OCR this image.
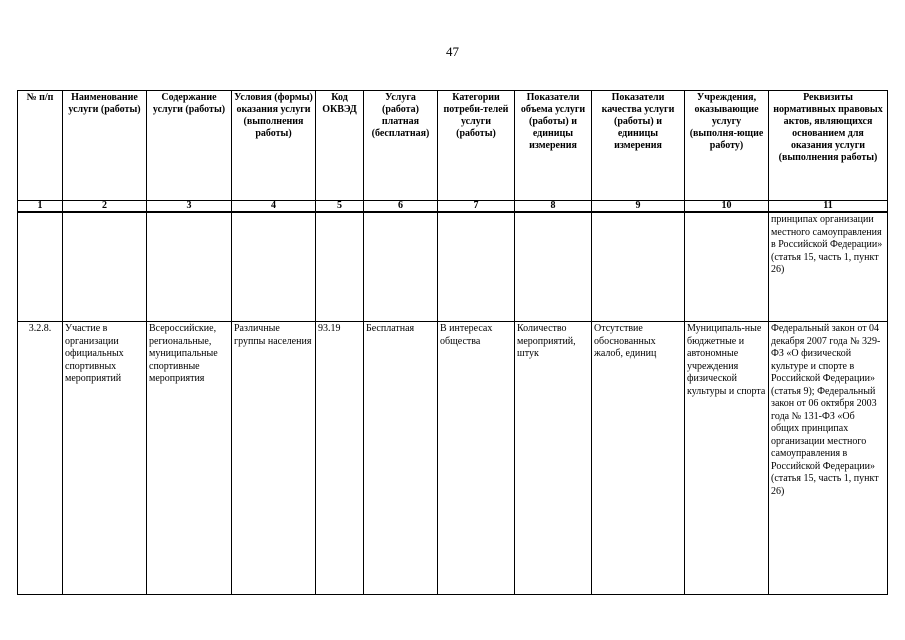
47
№ п/п	Наименование услуги (работы)	Содержание услуги (работы)	Условия (формы) оказания услуги (выполнения работы)	Код ОКВЭД	Услуга (работа) платная (бесплатная)	Категории потреби-телей услуги (работы)	Показатели объема услуги (работы) и единицы измерения	Показатели качества услуги (работы) и единицы измерения	Учреждения, оказывающие услугу (выполня-ющие работу)	Реквизиты нормативных правовых актов, являющихся основанием для оказания услуги (выполнения работы)
1	2	3	4	5	6	7	8	9	10	11
										принципах организации местного самоуправления в Российской Федерации» (статья 15, часть 1, пункт 26)
3.2.8.	Участие в организации официальных спортивных мероприятий	Всероссийские, региональные, муниципальные спортивные мероприятия	Различные группы населения	93.19	Бесплатная	В интересах общества	Количество мероприятий, штук	Отсутствие обоснованных жалоб, единиц	Муниципаль-ные бюджетные и автономные учреждения физической культуры и спорта	Федеральный закон от 04 декабря 2007 года № 329-ФЗ «О физической культуре и спорте в Российской Федерации» (статья 9); Федеральный закон от 06 октября 2003 года № 131-ФЗ «Об общих принципах организации местного самоуправления в Российской Федерации» (статья 15, часть 1, пункт 26)
